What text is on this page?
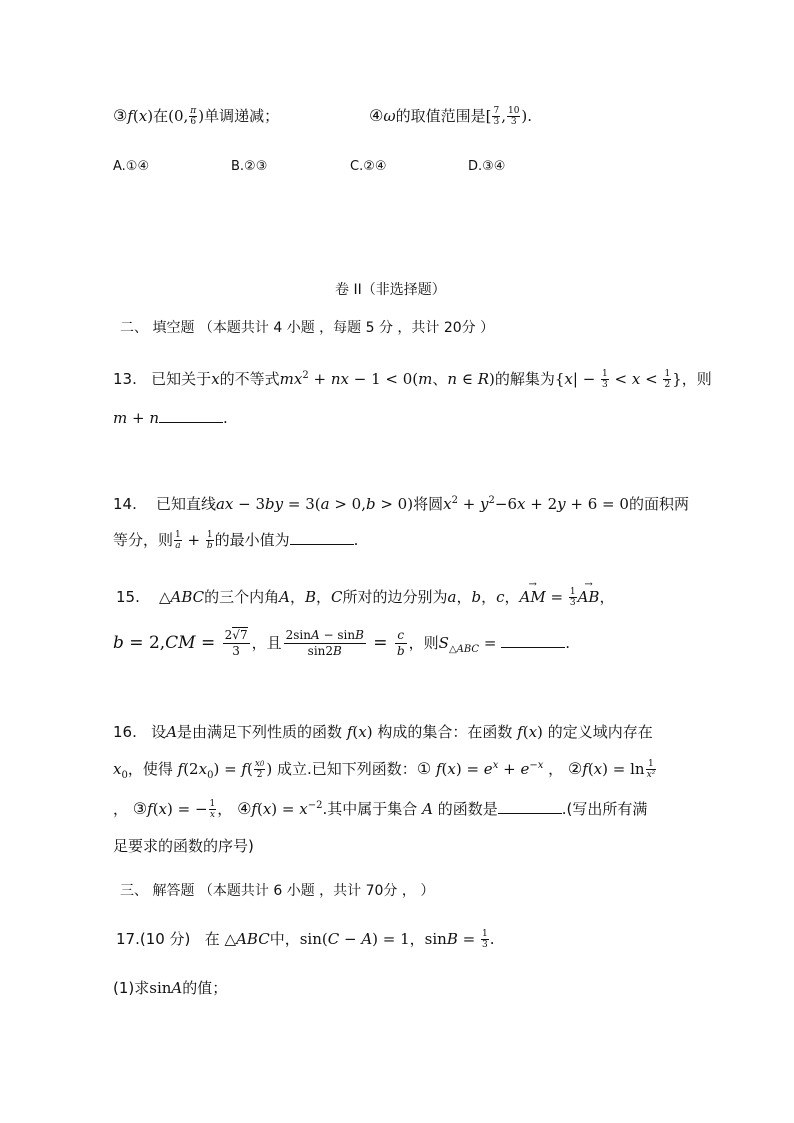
③f(x)在(0, $\frac{\pi}{6}$ )单调递减；	④ω的取值范围是[ $\frac{7}{3}$ , $\frac{10}{3}$ ).
A.①④	B.②③	C.②④	D.③④
卷 II（非选择题）
二、 填空题 （本题共计 4 小题 ，每题 5 分 ，共计 20分 ）
13. 已知关于x的不等式$mx^2$ + nx − 1 < 0(m、n ∈ R)的解集为{$x| - \frac{1}{3} < x < \frac{1}{2}$ }，则
m + n	.
14. 已知直线ax − 3by = 3(a > 0,b > 0)将圆$x^2 + y^2-6x + 2y + 6 = 0$的面积两
等分，则 $\frac{1}{a} + \frac{1}{b}$ 的最小值为	.
15. △ABC的三个内角A，B，C所对的边分别为a，b，c，→ AM = $\frac{1}{3}$
→ AB，
$b = 2,CM = \frac{2√7}{3}$ ，且 $\frac{2\sin A - \sin B}{\sin 2B} = \frac{c}{b}$ ，则$S_{\triangle ABC}$ =	.
16. 设A是由满足下列性质的函数 f(x) 构成的集合：在函数 f(x) 的定义域内存在
$x_0$，使得 $f(2x_0) = f( \frac{x0}{2}$ ) 成立.已知下列函数：① $f(x) = e^x + e^{-x}$ ， ②f(x) = $\ln \frac{1}{\text{x²}}$
， ③f(x) = − $\frac{1}{x}$ ， ④f(x) = $x^{-2}$.其中属于集合 A 的函数是	.(写出所有满
足要求的函数的序号)
三、 解答题 （本题共计 6 小题 ，共计 70分 ， ）
17.(10 分) 在 △ABC中，sin(C − A) = 1，$\sin B = \frac{1}{3}$ .
(1)求sinA的值；
